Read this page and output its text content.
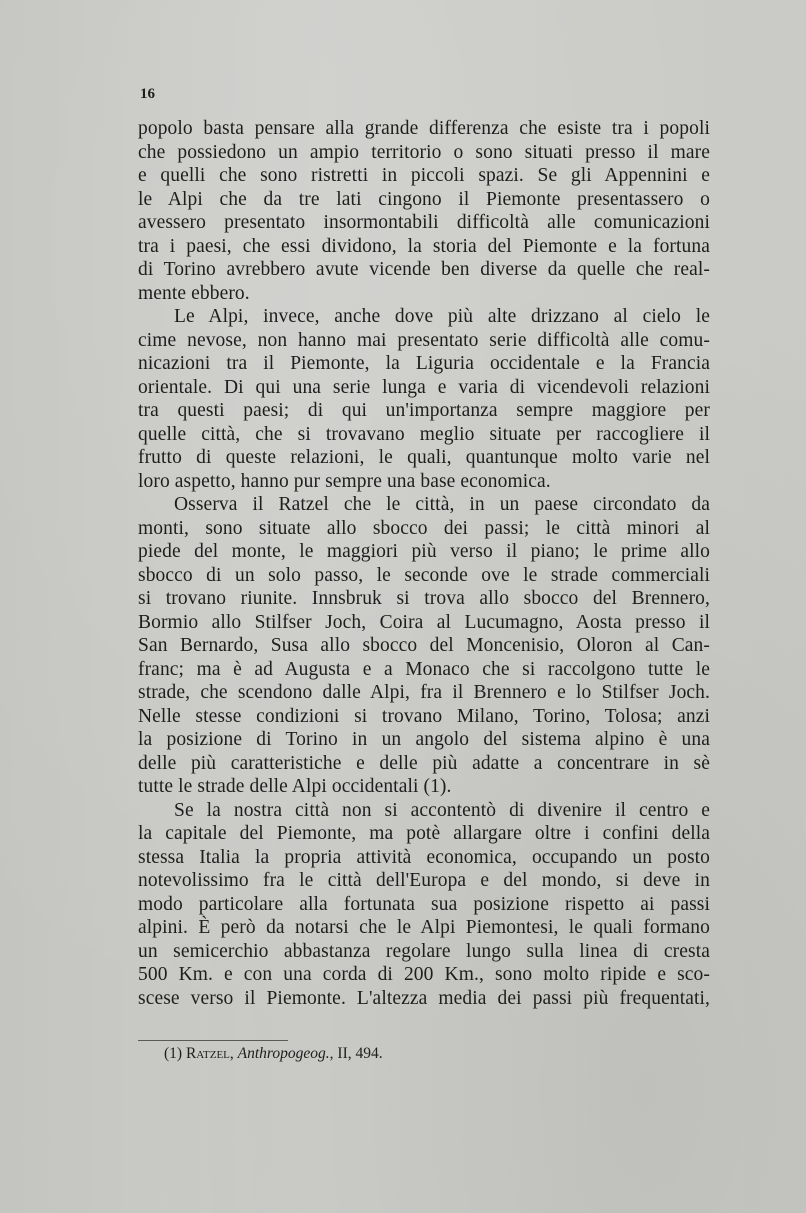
16
popolo basta pensare alla grande differenza che esiste tra i popoli
che possiedono un ampio territorio o sono situati presso il mare
e quelli che sono ristretti in piccoli spazi. Se gli Appennini e
le Alpi che da tre lati cingono il Piemonte presentassero o
avessero presentato insormontabili difficoltà alle comunicazioni
tra i paesi, che essi dividono, la storia del Piemonte e la fortuna
di Torino avrebbero avute vicende ben diverse da quelle che real-
mente ebbero.
Le Alpi, invece, anche dove più alte drizzano al cielo le
cime nevose, non hanno mai presentato serie difficoltà alle comu-
nicazioni tra il Piemonte, la Liguria occidentale e la Francia
orientale. Di qui una serie lunga e varia di vicendevoli relazioni
tra questi paesi; di qui un'importanza sempre maggiore per
quelle città, che si trovavano meglio situate per raccogliere il
frutto di queste relazioni, le quali, quantunque molto varie nel
loro aspetto, hanno pur sempre una base economica.
Osserva il Ratzel che le città, in un paese circondato da
monti, sono situate allo sbocco dei passi; le città minori al
piede del monte, le maggiori più verso il piano; le prime allo
sbocco di un solo passo, le seconde ove le strade commerciali
si trovano riunite. Innsbruk si trova allo sbocco del Brennero,
Bormio allo Stilfser Joch, Coira al Lucumagno, Aosta presso il
San Bernardo, Susa allo sbocco del Moncenisio, Oloron al Can-
franc; ma è ad Augusta e a Monaco che si raccolgono tutte le
strade, che scendono dalle Alpi, fra il Brennero e lo Stilfser Joch.
Nelle stesse condizioni si trovano Milano, Torino, Tolosa; anzi
la posizione di Torino in un angolo del sistema alpino è una
delle più caratteristiche e delle più adatte a concentrare in sè
tutte le strade delle Alpi occidentali (1).
Se la nostra città non si accontentò di divenire il centro e
la capitale del Piemonte, ma potè allargare oltre i confini della
stessa Italia la propria attività economica, occupando un posto
notevolissimo fra le città dell'Europa e del mondo, si deve in
modo particolare alla fortunata sua posizione rispetto ai passi
alpini. È però da notarsi che le Alpi Piemontesi, le quali formano
un semicerchio abbastanza regolare lungo sulla linea di cresta
500 Km. e con una corda di 200 Km., sono molto ripide e sco-
scese verso il Piemonte. L'altezza media dei passi più frequentati,
(1) Ratzel, Anthropogeog., II, 494.
